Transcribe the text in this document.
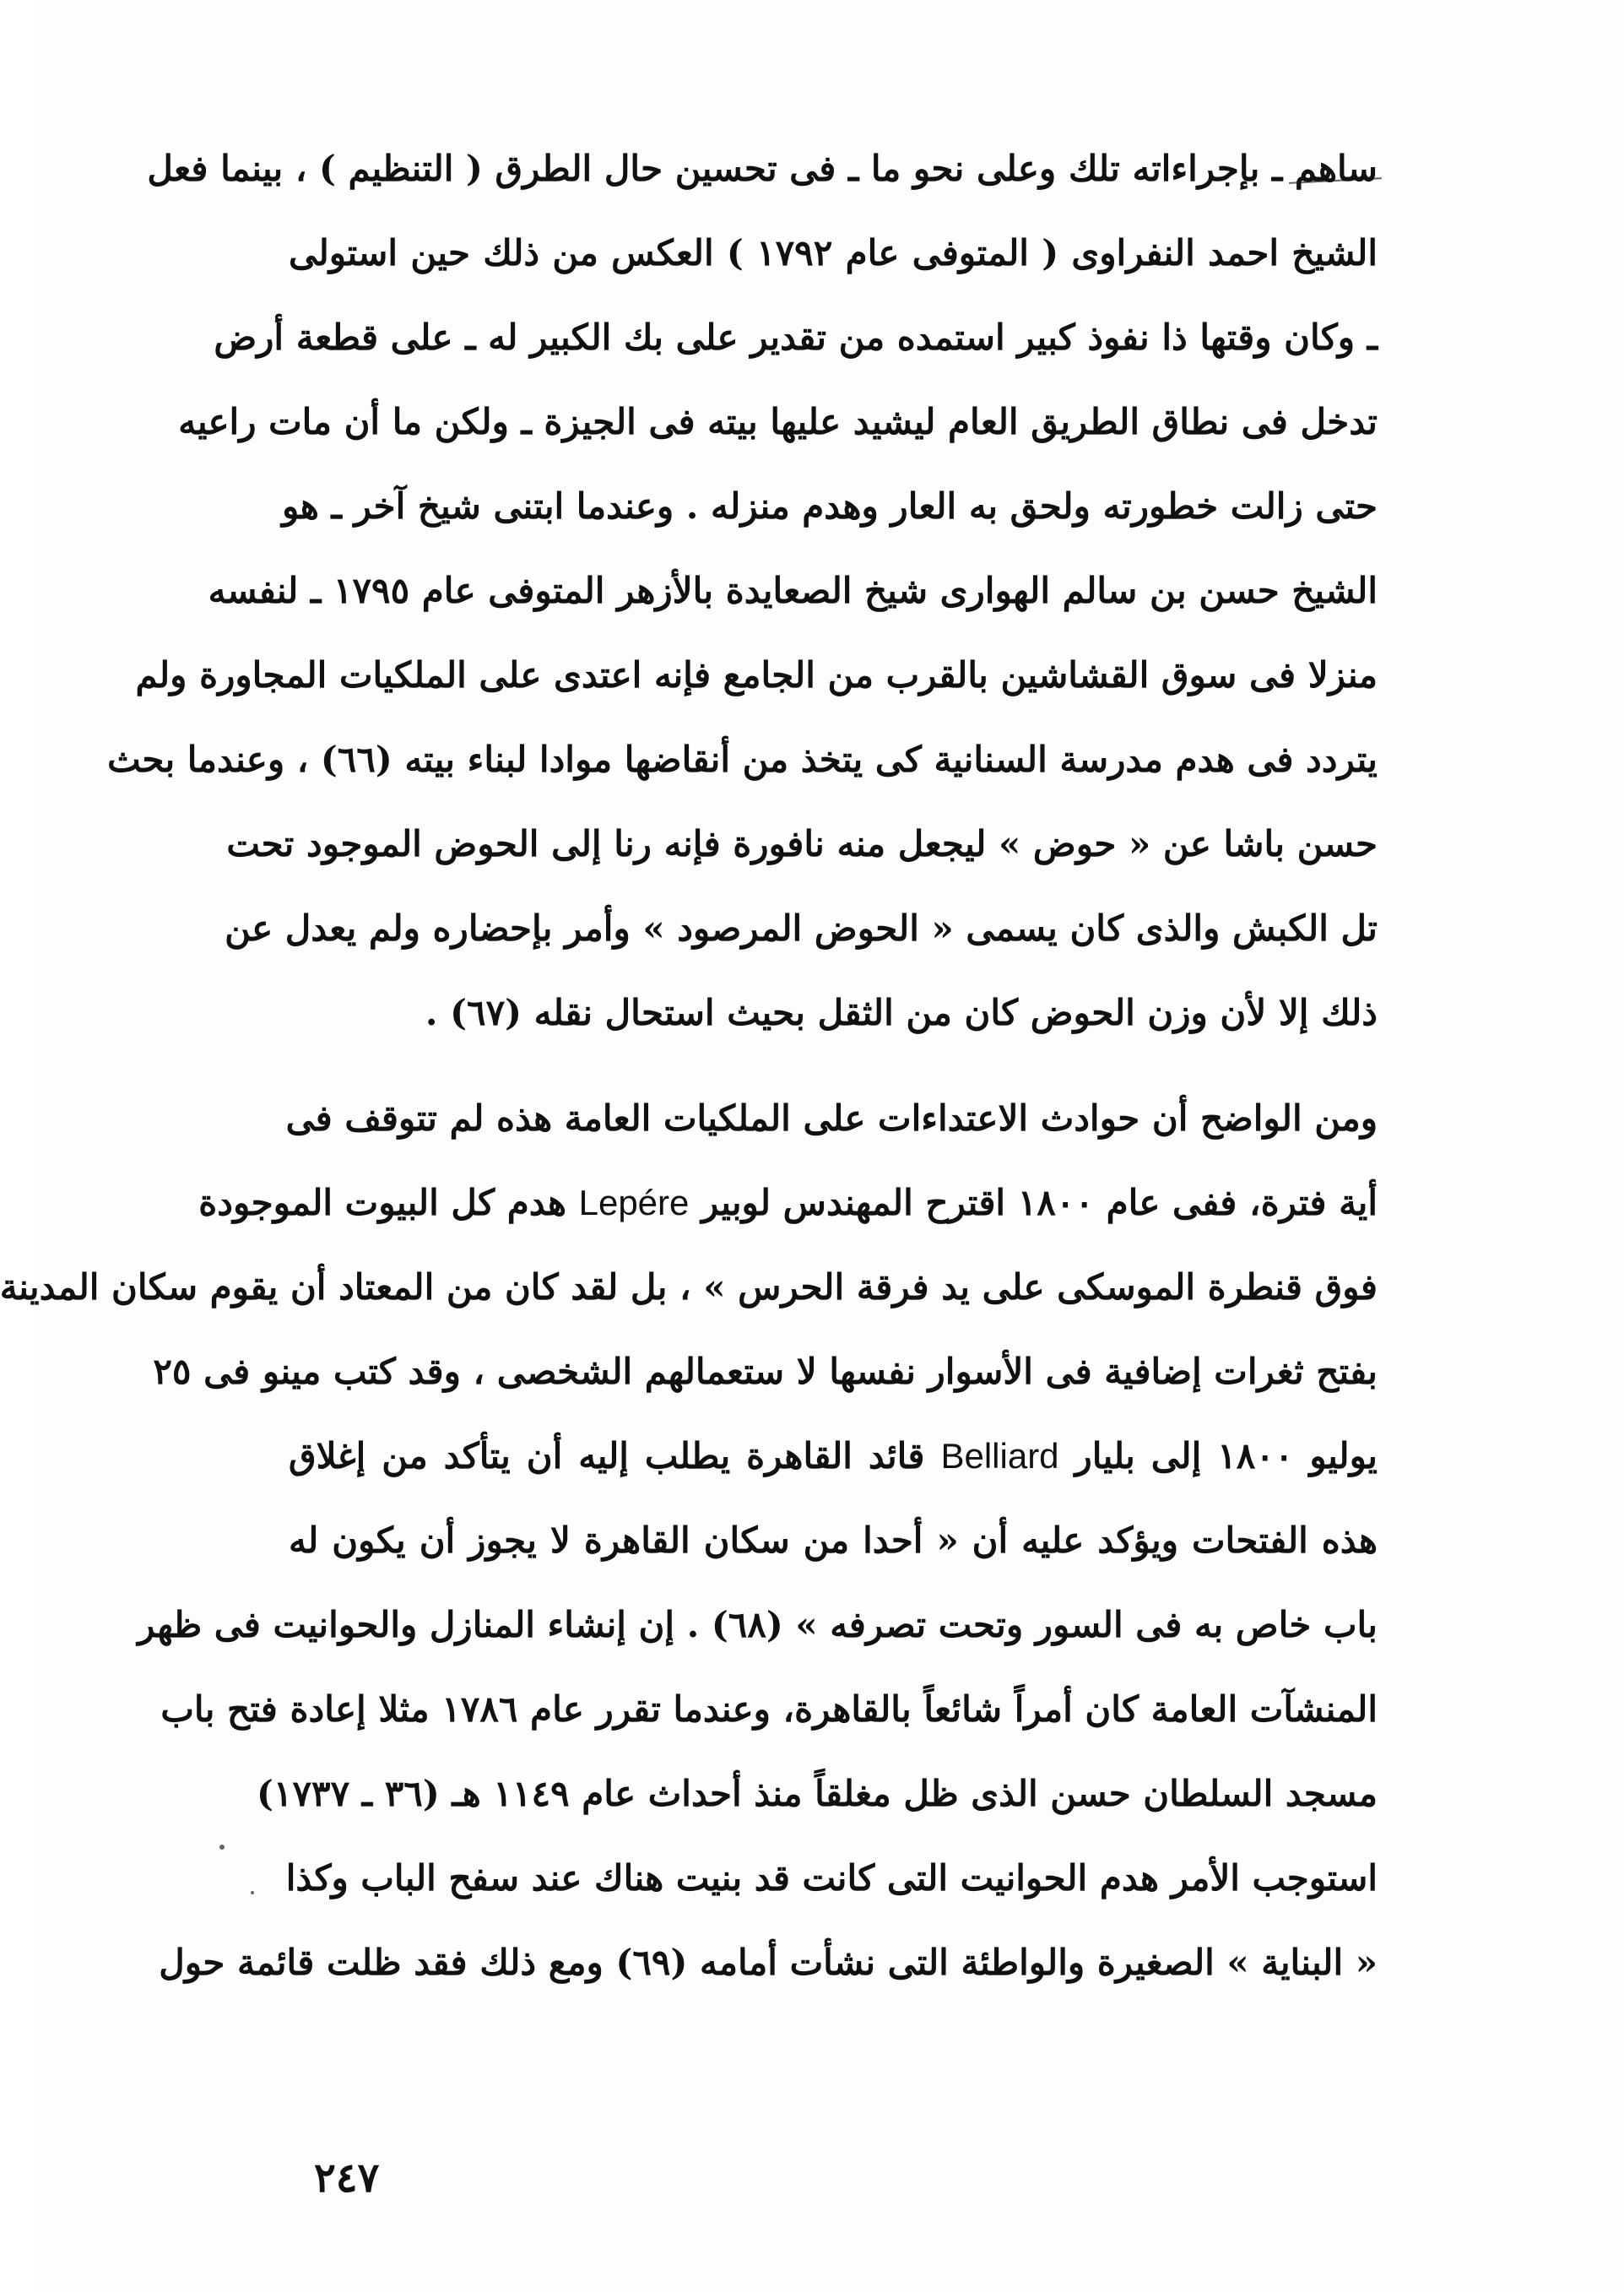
ساهم ـ بإجراءاته تلك وعلى نحو ما ـ فى تحسين حال الطرق ( التنظيم ) ، بينما فعل
الشيخ احمد النفراوى ( المتوفى عام ١٧٩٢ ) العكس من ذلك حين استولى
ـ وكان وقتها ذا نفوذ كبير استمده من تقدير على بك الكبير له ـ على قطعة أرض
تدخل فى نطاق الطريق العام ليشيد عليها بيته فى الجيزة ـ ولكن ما أن مات راعيه
حتى زالت خطورته ولحق به العار وهدم منزله . وعندما ابتنى شيخ آخر ـ هو
الشيخ حسن بن سالم الهوارى شيخ الصعايدة بالأزهر المتوفى عام ١٧٩٥ ـ لنفسه
منزلا فى سوق القشاشين بالقرب من الجامع فإنه اعتدى على الملكيات المجاورة ولم
يتردد فى هدم مدرسة السنانية كى يتخذ من أنقاضها موادا لبناء بيته (٦٦) ، وعندما بحث
حسن باشا عن « حوض » ليجعل منه نافورة فإنه رنا إلى الحوض الموجود تحت
تل الكبش والذى كان يسمى « الحوض المرصود » وأمر بإحضاره ولم يعدل عن
ذلك إلا لأن وزن الحوض كان من الثقل بحيث استحال نقله (٦٧) .
ومن الواضح أن حوادث الاعتداءات على الملكيات العامة هذه لم تتوقف فى
أية فترة، ففى عام ١٨٠٠ اقترح المهندس لوبير Lepére هدم كل البيوت الموجودة
فوق قنطرة الموسكى على يد فرقة الحرس » ، بل لقد كان من المعتاد أن يقوم سكان المدينة
بفتح ثغرات إضافية فى الأسوار نفسها لا ستعمالهم الشخصى ، وقد كتب مينو فى ٢٥
يوليو ١٨٠٠ إلى بليار Belliard قائد القاهرة يطلب إليه أن يتأكد من إغلاق
هذه الفتحات ويؤكد عليه أن « أحدا من سكان القاهرة لا يجوز أن يكون له
باب خاص به فى السور وتحت تصرفه » (٦٨) . إن إنشاء المنازل والحوانيت فى ظهر
المنشآت العامة كان أمراً شائعاً بالقاهرة، وعندما تقرر عام ١٧٨٦ مثلا إعادة فتح باب
مسجد السلطان حسن الذى ظل مغلقاً منذ أحداث عام ١١٤٩ هـ (٣٦ ـ ١٧٣٧)
استوجب الأمر هدم الحوانيت التى كانت قد بنيت هناك عند سفح الباب وكذا
« البناية » الصغيرة والواطئة التى نشأت أمامه (٦٩) ومع ذلك فقد ظلت قائمة حول
٢٤٧
